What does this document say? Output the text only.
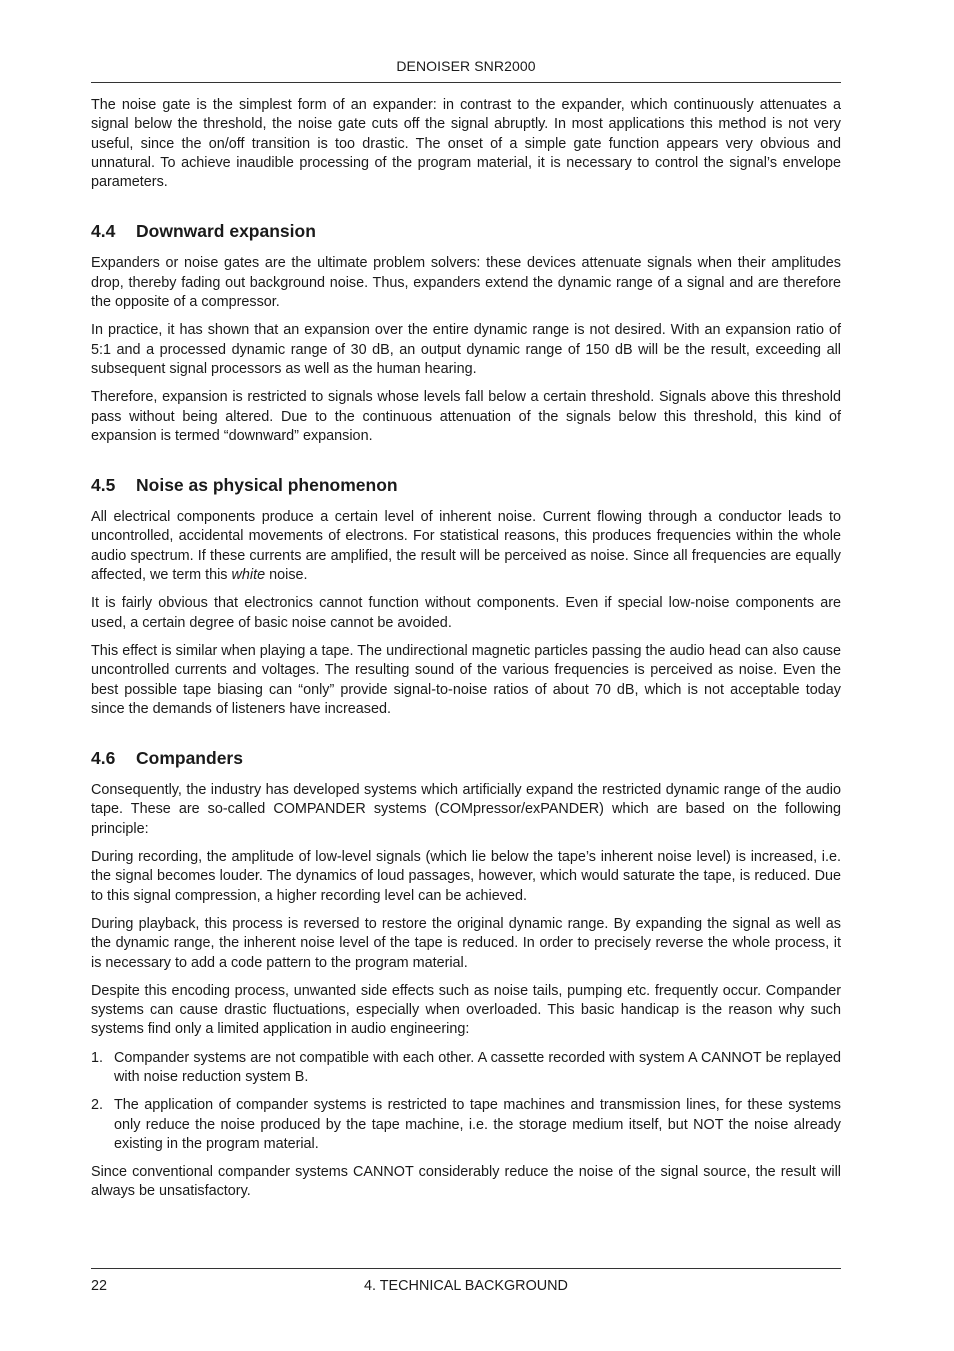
DENOISER SNR2000

The noise gate is the simplest form of an expander: in contrast to the expander, which continuously attenuates a signal below the threshold, the noise gate cuts off the signal abruptly. In most applications this method is not very useful, since the on/off transition is too drastic. The onset of a simple gate function appears very obvious and unnatural. To achieve inaudible processing of the program material, it is necessary to control the signal’s envelope parameters.

4.4 Downward expansion

Expanders or noise gates are the ultimate problem solvers: these devices attenuate signals when their amplitudes drop, thereby fading out background noise. Thus, expanders extend the dynamic range of a signal and are therefore the opposite of a compressor.

In practice, it has shown that an expansion over the entire dynamic range is not desired. With an expansion ratio of 5:1 and a processed dynamic range of 30 dB, an output dynamic range of 150 dB will be the result, exceeding all subsequent signal processors as well as the human hearing.

Therefore, expansion is restricted to signals whose levels fall below a certain threshold. Signals above this threshold pass without being altered. Due to the continuous attenuation of the signals below this threshold, this kind of expansion is termed “downward” expansion.

4.5 Noise as physical phenomenon

All electrical components produce a certain level of inherent noise. Current flowing through a conductor leads to uncontrolled, accidental movements of electrons. For statistical reasons, this produces frequencies within the whole audio spectrum. If these currents are amplified, the result will be perceived as noise. Since all frequencies are equally affected, we term this white noise.

It is fairly obvious that electronics cannot function without components. Even if special low-noise components are used, a certain degree of basic noise cannot be avoided.

This effect is similar when playing a tape. The undirectional magnetic particles passing the audio head can also cause uncontrolled currents and voltages. The resulting sound of the various frequencies is perceived as noise. Even the best possible tape biasing can “only” provide signal-to-noise ratios of about 70 dB, which is not acceptable today since the demands of listeners have increased.

4.6 Companders

Consequently, the industry has developed systems which artificially expand the restricted dynamic range of the audio tape. These are so-called COMPANDER systems (COMpressor/exPANDER) which are based on the following principle:

During recording, the amplitude of low-level signals (which lie below the tape’s inherent noise level) is increased, i.e. the signal becomes louder. The dynamics of loud passages, however, which would saturate the tape, is reduced. Due to this signal compression, a higher recording level can be achieved.

During playback, this process is reversed to restore the original dynamic range. By expanding the signal as well as the dynamic range, the inherent noise level of the tape is reduced. In order to precisely reverse the whole process, it is necessary to add a code pattern to the program material.

Despite this encoding process, unwanted side effects such as noise tails, pumping etc. frequently occur. Compander systems can cause drastic fluctuations, especially when overloaded. This basic handicap is the reason why such systems find only a limited application in audio engineering:

1. Compander systems are not compatible with each other. A cassette recorded with system A CANNOT be replayed with noise reduction system B.
2. The application of compander systems is restricted to tape machines and transmission lines, for these systems only reduce the noise produced by the tape machine, i.e. the storage medium itself, but NOT the noise already existing in the program material.

Since conventional compander systems CANNOT considerably reduce the noise of the signal source, the result will always be unsatisfactory.

22	4. TECHNICAL BACKGROUND
